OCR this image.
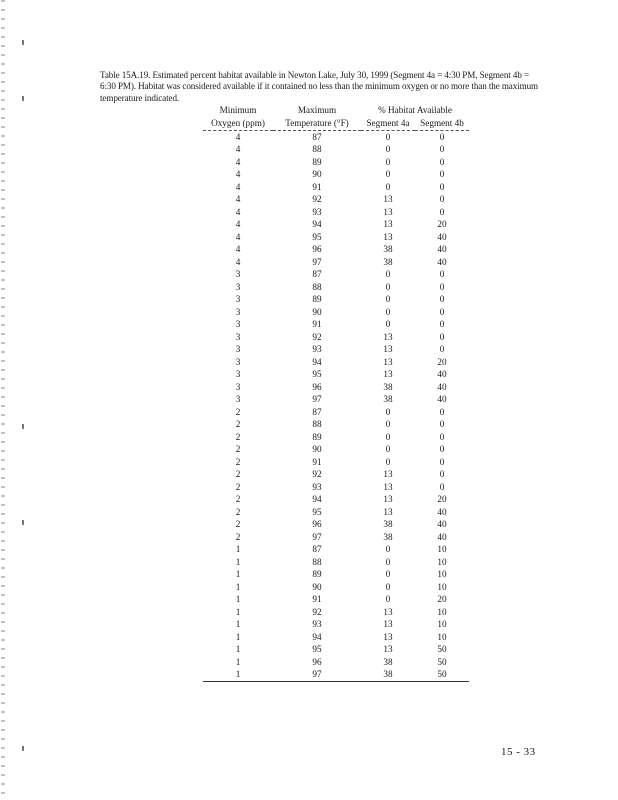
Table 15A.19. Estimated percent habitat available in Newton Lake, July 30, 1999 (Segment 4a = 4:30 PM, Segment 4b = 6:30 PM). Habitat was considered available if it contained no less than the minimum oxygen or no more than the maximum temperature indicated.
Minimum	Maximum	% Habitat Available	
Oxygen (ppm)	Temperature (°F)	Segment 4a	Segment 4b
4	87	0	0
4	88	0	0
4	89	0	0
4	90	0	0
4	91	0	0
4	92	13	0
4	93	13	0
4	94	13	20
4	95	13	40
4	96	38	40
4	97	38	40
3	87	0	0
3	88	0	0
3	89	0	0
3	90	0	0
3	91	0	0
3	92	13	0
3	93	13	0
3	94	13	20
3	95	13	40
3	96	38	40
3	97	38	40
2	87	0	0
2	88	0	0
2	89	0	0
2	90	0	0
2	91	0	0
2	92	13	0
2	93	13	0
2	94	13	20
2	95	13	40
2	96	38	40
2	97	38	40
1	87	0	10
1	88	0	10
1	89	0	10
1	90	0	10
1	91	0	20
1	92	13	10
1	93	13	10
1	94	13	10
1	95	13	50
1	96	38	50
1	97	38	50
15 - 33
